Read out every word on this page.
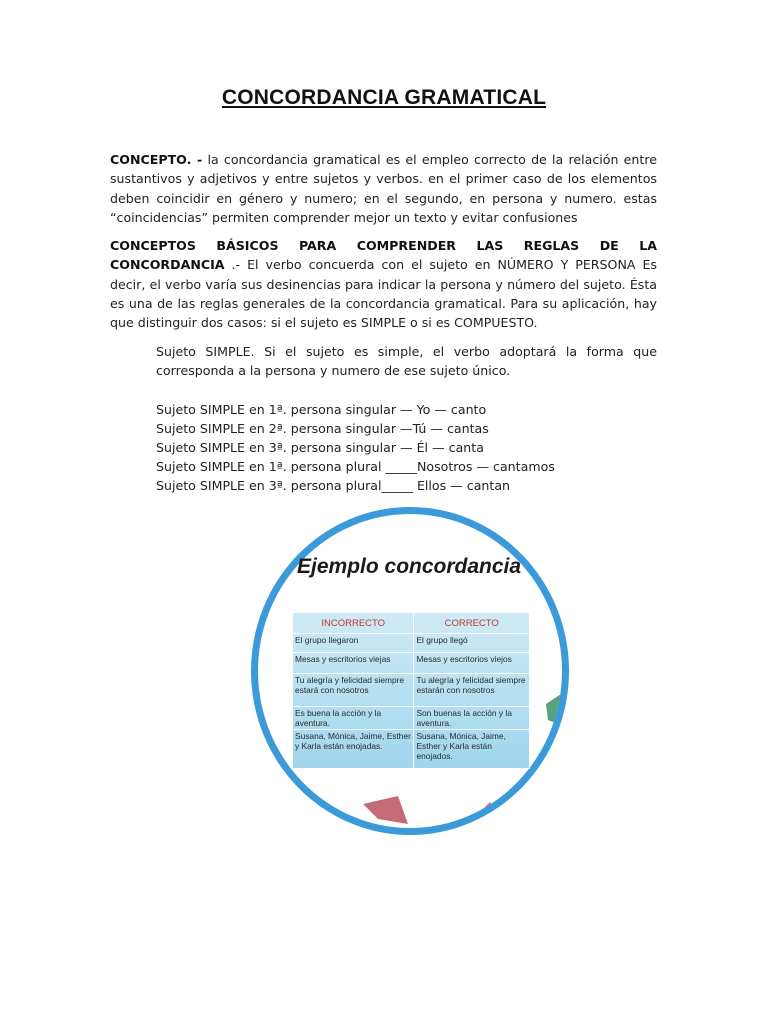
CONCORDANCIA GRAMATICAL
CONCEPTO. - la concordancia gramatical es el empleo correcto de la relación entre sustantivos y adjetivos y entre sujetos y verbos. en el primer caso de los elementos deben coincidir en género y numero; en el segundo, en persona y numero. estas “coincidencias” permiten comprender mejor un texto y evitar confusiones
CONCEPTOS BÁSICOS PARA COMPRENDER LAS REGLAS DE LA CONCORDANCIA .- El verbo concuerda con el sujeto en NÚMERO Y PERSONA Es decir, el verbo varía sus desinencias para indicar la persona y número del sujeto. Ésta es una de las reglas generales de la concordancia gramatical. Para su aplicación, hay que distinguir dos casos: si el sujeto es SIMPLE o si es COMPUESTO.
Sujeto SIMPLE. Si el sujeto es simple, el verbo adoptará la forma que corresponda a la persona y numero de ese sujeto único.
Sujeto SIMPLE en 1ª. persona singular — Yo — canto
Sujeto SIMPLE en 2ª. persona singular —Tú — cantas
Sujeto SIMPLE en 3ª. persona singular — Él — canta
Sujeto SIMPLE en 1ª. persona plural _____Nosotros — cantamos
Sujeto SIMPLE en 3ª. persona plural_____ Ellos — cantan
Ejemplo concordancia
INCORRECTO	CORRECTO
El grupo llegaron	El grupo llegó
Mesas y escritorios viejas	Mesas y escritorios viejos
Tu alegría y felicidad siempre estará con nosotros	Tu alegría y felicidad siempre estarán con nosotros
Es buena la acción y la aventura.	Son buenas la acción y la aventura.
Susana, Mónica, Jaime, Esther y Karla están enojadas.	Susana, Mónica, Jaime, Esther y Karla están enojados.
